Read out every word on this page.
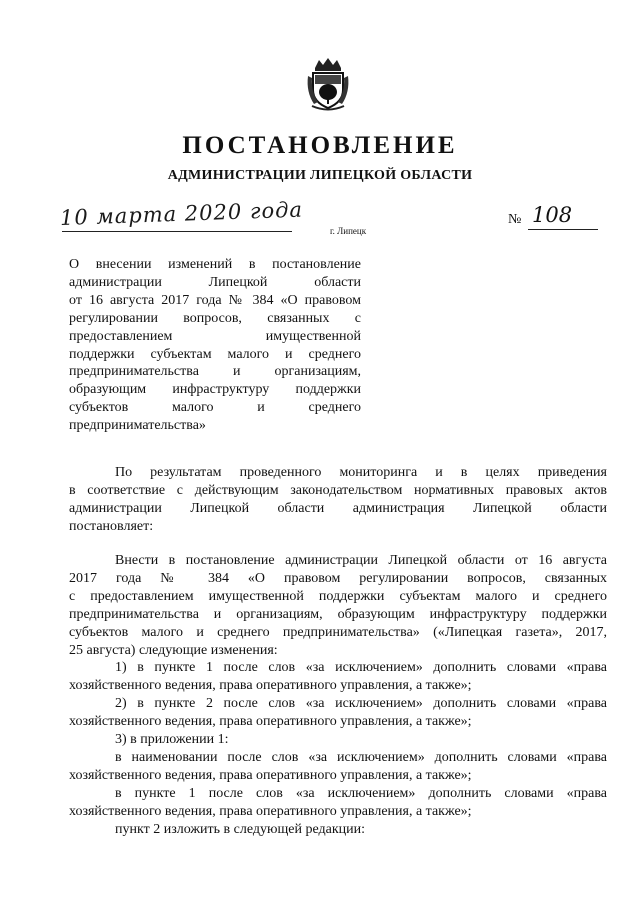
ПОСТАНОВЛЕНИЕ
АДМИНИСТРАЦИИ ЛИПЕЦКОЙ ОБЛАСТИ
10 марта 2020 года
г. Липецк
№ 108
О внесении изменений в постановление
администрации Липецкой области
от 16 августа 2017 года № 384 «О правовом
регулировании вопросов, связанных с
предоставлением имущественной
поддержки субъектам малого и среднего
предпринимательства и организациям,
образующим инфраструктуру поддержки
субъектов малого и среднего
предпринимательства»
По результатам проведенного мониторинга и в целях приведения
в соответствие с действующим законодательством нормативных правовых актов
администрации Липецкой области администрация Липецкой области
постановляет:
Внести в постановление администрации Липецкой области от 16 августа
2017 года № 384 «О правовом регулировании вопросов, связанных
с предоставлением имущественной поддержки субъектам малого и среднего
предпринимательства и организациям, образующим инфраструктуру поддержки
субъектов малого и среднего предпринимательства» («Липецкая газета», 2017,
25 августа) следующие изменения:
1) в пункте 1 после слов «за исключением» дополнить словами «права
хозяйственного ведения, права оперативного управления, а также»;
2) в пункте 2 после слов «за исключением» дополнить словами «права
хозяйственного ведения, права оперативного управления, а также»;
3) в приложении 1:
в наименовании после слов «за исключением» дополнить словами «права
хозяйственного ведения, права оперативного управления, а также»;
в пункте 1 после слов «за исключением» дополнить словами «права
хозяйственного ведения, права оперативного управления, а также»;
пункт 2 изложить в следующей редакции:
